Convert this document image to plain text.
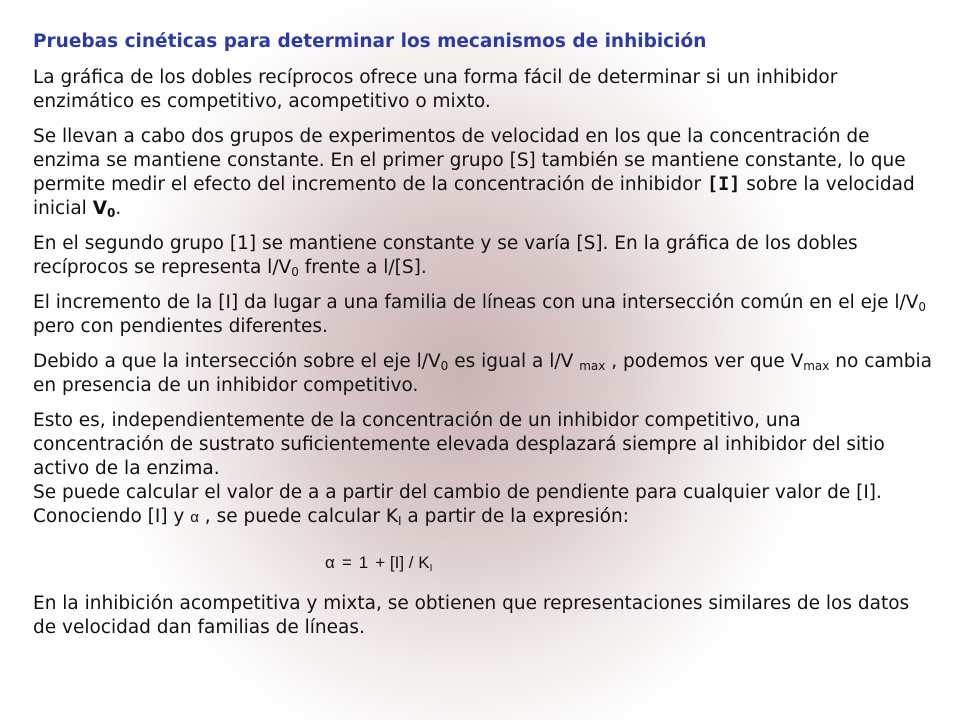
Pruebas cinéticas para determinar los mecanismos de inhibición

La gráfica de los dobles recíprocos ofrece una forma fácil de determinar si un inhibidor enzimático es competitivo, acompetitivo o mixto.

Se llevan a cabo dos grupos de experimentos de velocidad en los que la concentración de enzima se mantiene constante. En el primer grupo [S] también se mantiene constante, lo que permite medir el efecto del incremento de la concentración de inhibidor [I] sobre la velocidad inicial $V_0$.

En el segundo grupo [1] se mantiene constante y se varía [S]. En la gráfica de los dobles recíprocos se representa $l/V_0$ frente a l/[S].

El incremento de la [I] da lugar a una familia de líneas con una intersección común en el eje $l/V_0$ pero con pendientes diferentes.

Debido a que la intersección sobre el eje $l/V_0$ es igual a l/V $_{max}$ , podemos ver que $V_{max}$ no cambia en presencia de un inhibidor competitivo.

Esto es, independientemente de la concentración de un inhibidor competitivo, una concentración de sustrato suficientemente elevada desplazará siempre al inhibidor del sitio activo de la enzima.

Se puede calcular el valor de a a partir del cambio de pendiente para cualquier valor de [I]. Conociendo [I] y α , se puede calcular $K_I$ a partir de la expresión:

$\alpha = 1 + [I] / K_I$

En la inhibición acompetitiva y mixta, se obtienen que representaciones similares de los datos de velocidad dan familias de líneas.
